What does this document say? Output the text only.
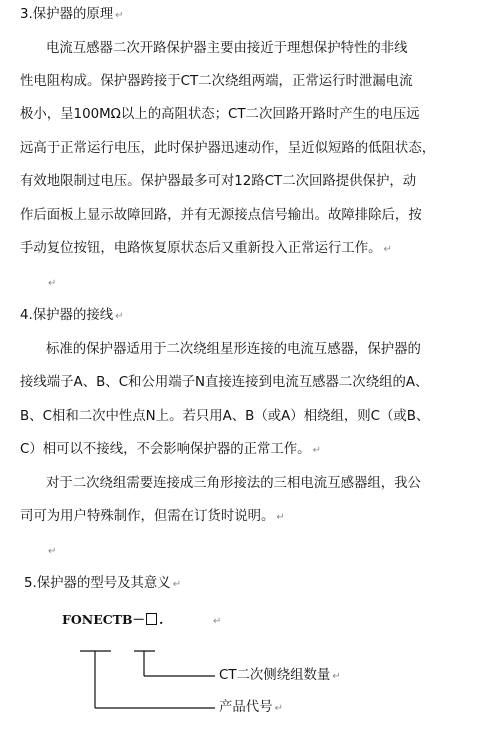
3.保护器的原理 ↵
电流互感器二次开路保护器主要由接近于理想保护特性的非线
性电阻构成。保护器跨接于CT二次绕组两端，正常运行时泄漏电流
极小，呈100MΩ以上的高阻状态；CT二次回路开路时产生的电压远
远高于正常运行电压，此时保护器迅速动作，呈近似短路的低阻状态，
有效地限制过电压。保护器最多可对12路CT二次回路提供保护，动
作后面板上显示故障回路，并有无源接点信号输出。故障排除后，按
手动复位按钮，电路恢复原状态后又重新投入正常运行工作。 ↵
↵
4.保护器的接线 ↵
标准的保护器适用于二次绕组星形连接的电流互感器，保护器的
接线端子A、B、C和公用端子N直接连接到电流互感器二次绕组的A、
B、C相和二次中性点N上。若只用A、B（或A）相绕组，则C（或B、
C）相可以不接线，不会影响保护器的正常工作。 ↵
对于二次绕组需要连接成三角形接法的三相电流互感器组，我公
司可为用户特殊制作，但需在订货时说明。 ↵
↵
5.保护器的型号及其意义 ↵
FONECTB－ .	↵
CT二次侧绕组数量 ↵
产品代号 ↵
